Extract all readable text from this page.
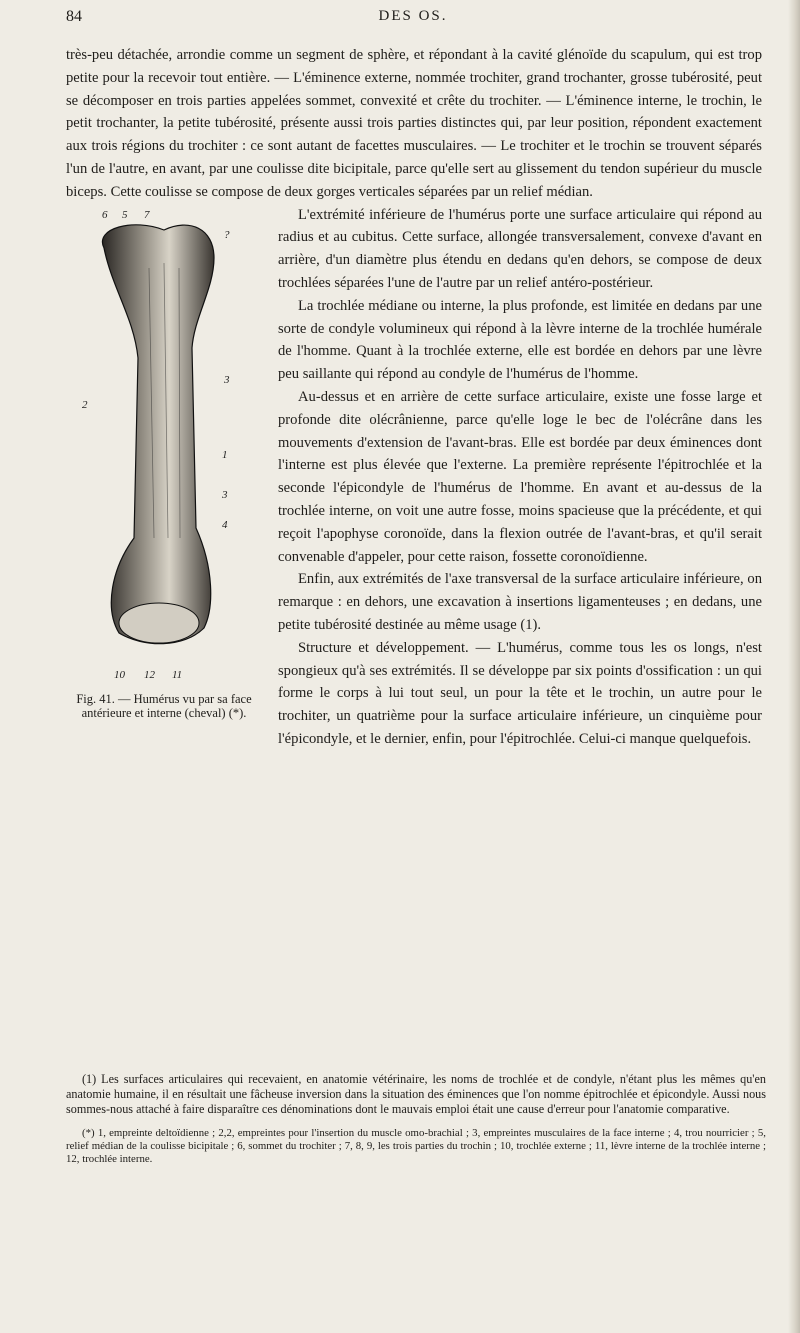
84	DES OS.

très-peu détachée, arrondie comme un segment de sphère, et répondant à la cavité glénoïde du scapulum, qui est trop petite pour la recevoir tout entière. — L'éminence externe, nommée trochiter, grand trochanter, grosse tubérosité, peut se décomposer en trois parties appelées sommet, convexité et crête du trochiter. — L'éminence interne, le trochin, le petit trochanter, la petite tubérosité, présente aussi trois parties distinctes qui, par leur position, répondent exactement aux trois régions du trochiter : ce sont autant de facettes musculaires. — Le trochiter et le trochin se trouvent séparés l'un de l'autre, en avant, par une coulisse dite bicipitale, parce qu'elle sert au glissement du tendon supérieur du muscle biceps. Cette coulisse se compose de deux gorges verticales séparées par un relief médian.

6 5 7
2
3
1
3
4
10 12 11
?
Fig. 41. — Humérus vu par sa face antérieure et interne (cheval) (*).

L'extrémité inférieure de l'humérus porte une surface articulaire qui répond au radius et au cubitus. Cette surface, allongée transversalement, convexe d'avant en arrière, d'un diamètre plus étendu en dedans qu'en dehors, se compose de deux trochlées séparées l'une de l'autre par un relief antéro-postérieur.

La trochlée médiane ou interne, la plus profonde, est limitée en dedans par une sorte de condyle volumineux qui répond à la lèvre interne de la trochlée humérale de l'homme. Quant à la trochlée externe, elle est bordée en dehors par une lèvre peu saillante qui répond au condyle de l'humérus de l'homme.

Au-dessus et en arrière de cette surface articulaire, existe une fosse large et profonde dite olécrânienne, parce qu'elle loge le bec de l'olécrâne dans les mouvements d'extension de l'avant-bras. Elle est bordée par deux éminences dont l'interne est plus élevée que l'externe. La première représente l'épitrochlée et la seconde l'épicondyle de l'humérus de l'homme. En avant et au-dessus de la trochlée interne, on voit une autre fosse, moins spacieuse que la précédente, et qui reçoit l'apophyse coronoïde, dans la flexion outrée de l'avant-bras, et qu'il serait convenable d'appeler, pour cette raison, fossette coronoïdienne.

Enfin, aux extrémités de l'axe transversal de la surface articulaire inférieure, on remarque : en dehors, une excavation à insertions ligamenteuses ; en dedans, une petite tubérosité destinée au même usage (1).

Structure et développement. — L'humérus, comme tous les os longs, n'est spongieux qu'à ses extrémités. Il se développe par six points d'ossification : un qui forme le corps à lui tout seul, un pour la tête et le trochin, un autre pour le trochiter, un quatrième pour la surface articulaire inférieure, un cinquième pour l'épicondyle, et le dernier, enfin, pour l'épitrochlée. Celui-ci manque quelquefois.

(1) Les surfaces articulaires qui recevaient, en anatomie vétérinaire, les noms de trochlée et de condyle, n'étant plus les mêmes qu'en anatomie humaine, il en résultait une fâcheuse inversion dans la situation des éminences que l'on nomme épitrochlée et épicondyle. Aussi nous sommes-nous attaché à faire disparaître ces dénominations dont le mauvais emploi était une cause d'erreur pour l'anatomie comparative.

(*) 1, empreinte deltoïdienne ; 2,2, empreintes pour l'insertion du muscle omo-brachial ; 3, empreintes musculaires de la face interne ; 4, trou nourricier ; 5, relief médian de la coulisse bicipitale ; 6, sommet du trochiter ; 7, 8, 9, les trois parties du trochin ; 10, trochlée externe ; 11, lèvre interne de la trochlée interne ; 12, trochlée interne.
